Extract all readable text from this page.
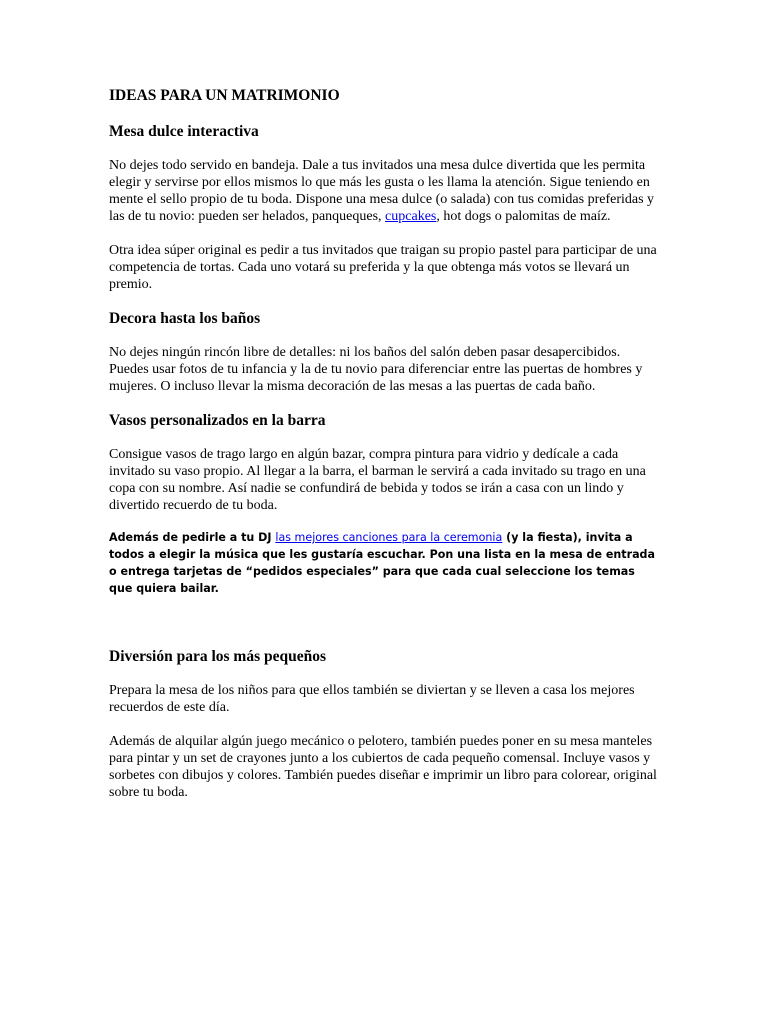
IDEAS PARA UN MATRIMONIO
Mesa dulce interactiva

No dejes todo servido en bandeja. Dale a tus invitados una mesa dulce divertida que les permita elegir y servirse por ellos mismos lo que más les gusta o les llama la atención. Sigue teniendo en mente el sello propio de tu boda. Dispone una mesa dulce (o salada) con tus comidas preferidas y las de tu novio: pueden ser helados, panqueques, cupcakes, hot dogs o palomitas de maíz.

Otra idea súper original es pedir a tus invitados que traigan su propio pastel para participar de una competencia de tortas. Cada uno votará su preferida y la que obtenga más votos se llevará un premio.

Decora hasta los baños

No dejes ningún rincón libre de detalles: ni los baños del salón deben pasar desapercibidos. Puedes usar fotos de tu infancia y la de tu novio para diferenciar entre las puertas de hombres y mujeres. O incluso llevar la misma decoración de las mesas a las puertas de cada baño.

Vasos personalizados en la barra

Consigue vasos de trago largo en algún bazar, compra pintura para vidrio y dedícale a cada invitado su vaso propio. Al llegar a la barra, el barman le servirá a cada invitado su trago en una copa con su nombre. Así nadie se confundirá de bebida y todos se irán a casa con un lindo y divertido recuerdo de tu boda.

Además de pedirle a tu DJ las mejores canciones para la ceremonia (y la fiesta), invita a todos a elegir la música que les gustaría escuchar. Pon una lista en la mesa de entrada o entrega tarjetas de “pedidos especiales” para que cada cual seleccione los temas que quiera bailar.

Diversión para los más pequeños

Prepara la mesa de los niños para que ellos también se diviertan y se lleven a casa los mejores recuerdos de este día.

Además de alquilar algún juego mecánico o pelotero, también puedes poner en su mesa manteles para pintar y un set de crayones junto a los cubiertos de cada pequeño comensal. Incluye vasos y sorbetes con dibujos y colores. También puedes diseñar e imprimir un libro para colorear, original sobre tu boda.
